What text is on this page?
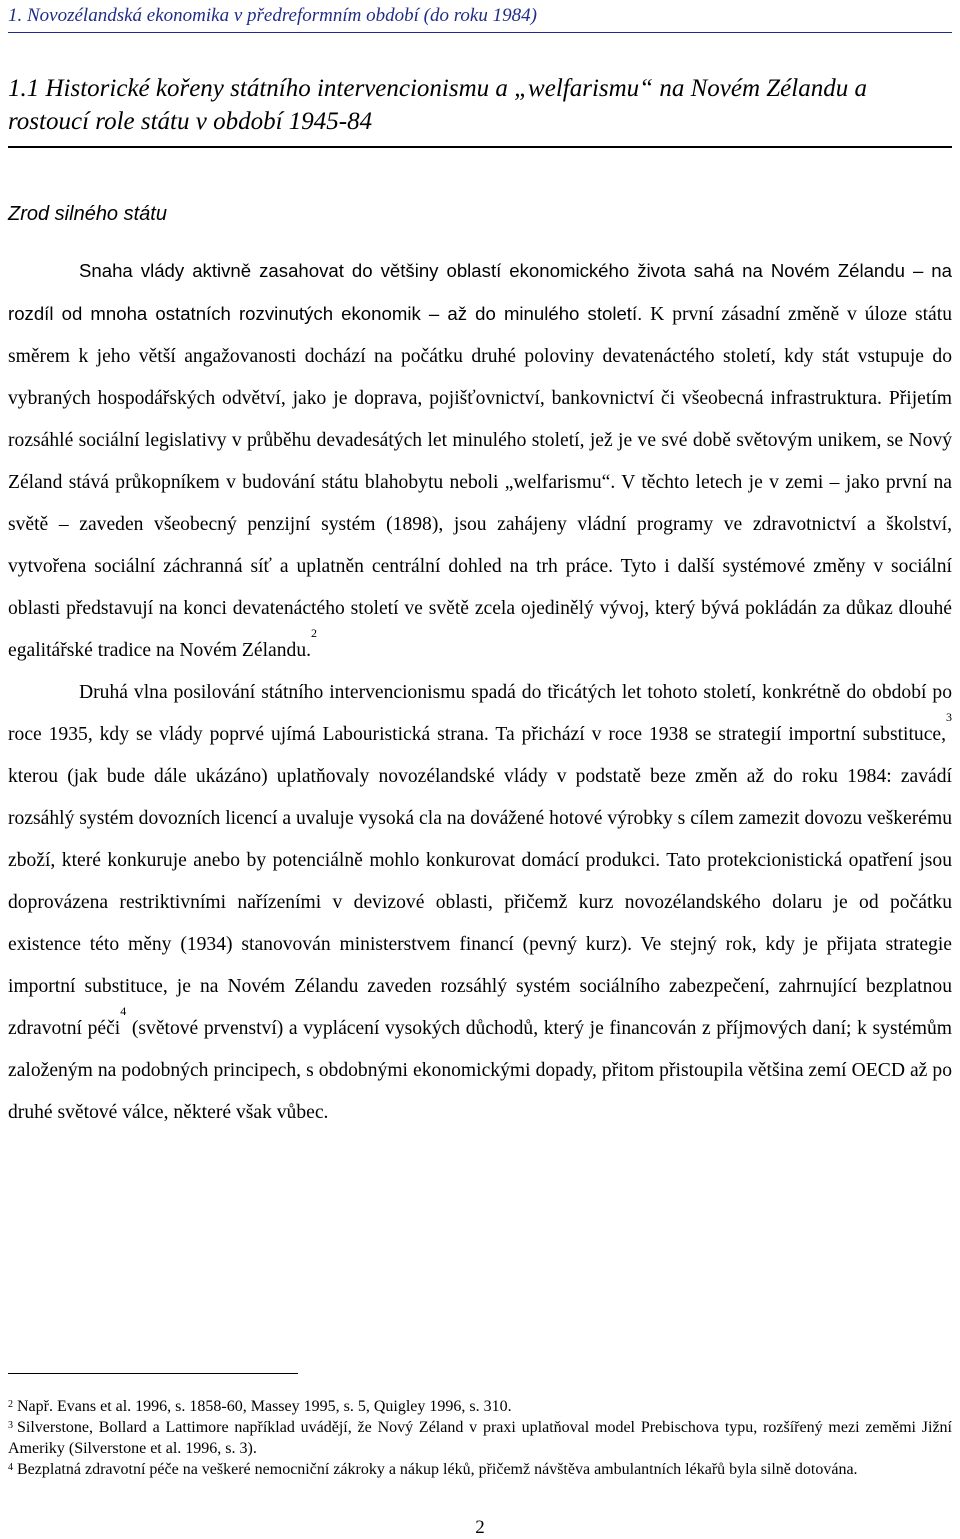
1. Novozélandská ekonomika v předreformním období (do roku 1984)
1.1 Historické kořeny státního intervencionismu a „welfarismu“ na Novém Zélandu a rostoucí role státu v období 1945-84
Zrod silného státu

Snaha vlády aktivně zasahovat do většiny oblastí ekonomického života sahá na Novém Zélandu – na rozdíl od mnoha ostatních rozvinutých ekonomik – až do minulého století. K první zásadní změně v úloze státu směrem k jeho větší angažovanosti dochází na počátku druhé poloviny devatenáctého století, kdy stát vstupuje do vybraných hospodářských odvětví, jako je doprava, pojišťovnictví, bankovnictví či všeobecná infrastruktura. Přijetím rozsáhlé sociální legislativy v průběhu devadesátých let minulého století, jež je ve své době světovým unikem, se Nový Zéland stává průkopníkem v budování státu blahobytu neboli „welfarismu“. V těchto letech je v zemi – jako první na světě – zaveden všeobecný penzijní systém (1898), jsou zahájeny vládní programy ve zdravotnictví a školství, vytvořena sociální záchranná síť a uplatněn centrální dohled na trh práce. Tyto i další systémové změny v sociální oblasti představují na konci devatenáctého století ve světě zcela ojedinělý vývoj, který bývá pokládán za důkaz dlouhé egalitářské tradice na Novém Zélandu.$^2$

Druhá vlna posilování státního intervencionismu spadá do třicátých let tohoto století, konkrétně do období po roce 1935, kdy se vlády poprvé ujímá Labouristická strana. Ta přichází v roce 1938 se strategií importní substituce,$^3$ kterou (jak bude dále ukázáno) uplatňovaly novozélandské vlády v podstatě beze změn až do roku 1984: zavádí rozsáhlý systém dovozních licencí a uvaluje vysoká cla na dovážené hotové výrobky s cílem zamezit dovozu veškerému zboží, které konkuruje anebo by potenciálně mohlo konkurovat domácí produkci. Tato protekcionistická opatření jsou doprovázena restriktivními nařízeními v devizové oblasti, přičemž kurz novozélandského dolaru je od počátku existence této měny (1934) stanovován ministerstvem financí (pevný kurz). Ve stejný rok, kdy je přijata strategie importní substituce, je na Novém Zélandu zaveden rozsáhlý systém sociálního zabezpečení, zahrnující bezplatnou zdravotní péči$^4$ (světové prvenství) a vyplácení vysokých důchodů, který je financován z příjmových daní; k systémům založeným na podobných principech, s obdobnými ekonomickými dopady, přitom přistoupila většina zemí OECD až po druhé světové válce, některé však vůbec.

$^2$ Např. Evans et al. 1996, s. 1858-60, Massey 1995, s. 5, Quigley 1996, s. 310.

$^3$ Silverstone, Bollard a Lattimore například uvádějí, že Nový Zéland v praxi uplatňoval model Prebischova typu, rozšířený mezi zeměmi Jižní Ameriky (Silverstone et al. 1996, s. 3).

$^4$ Bezplatná zdravotní péče na veškeré nemocniční zákroky a nákup léků, přičemž návštěva ambulantních lékařů byla silně dotována.

2
